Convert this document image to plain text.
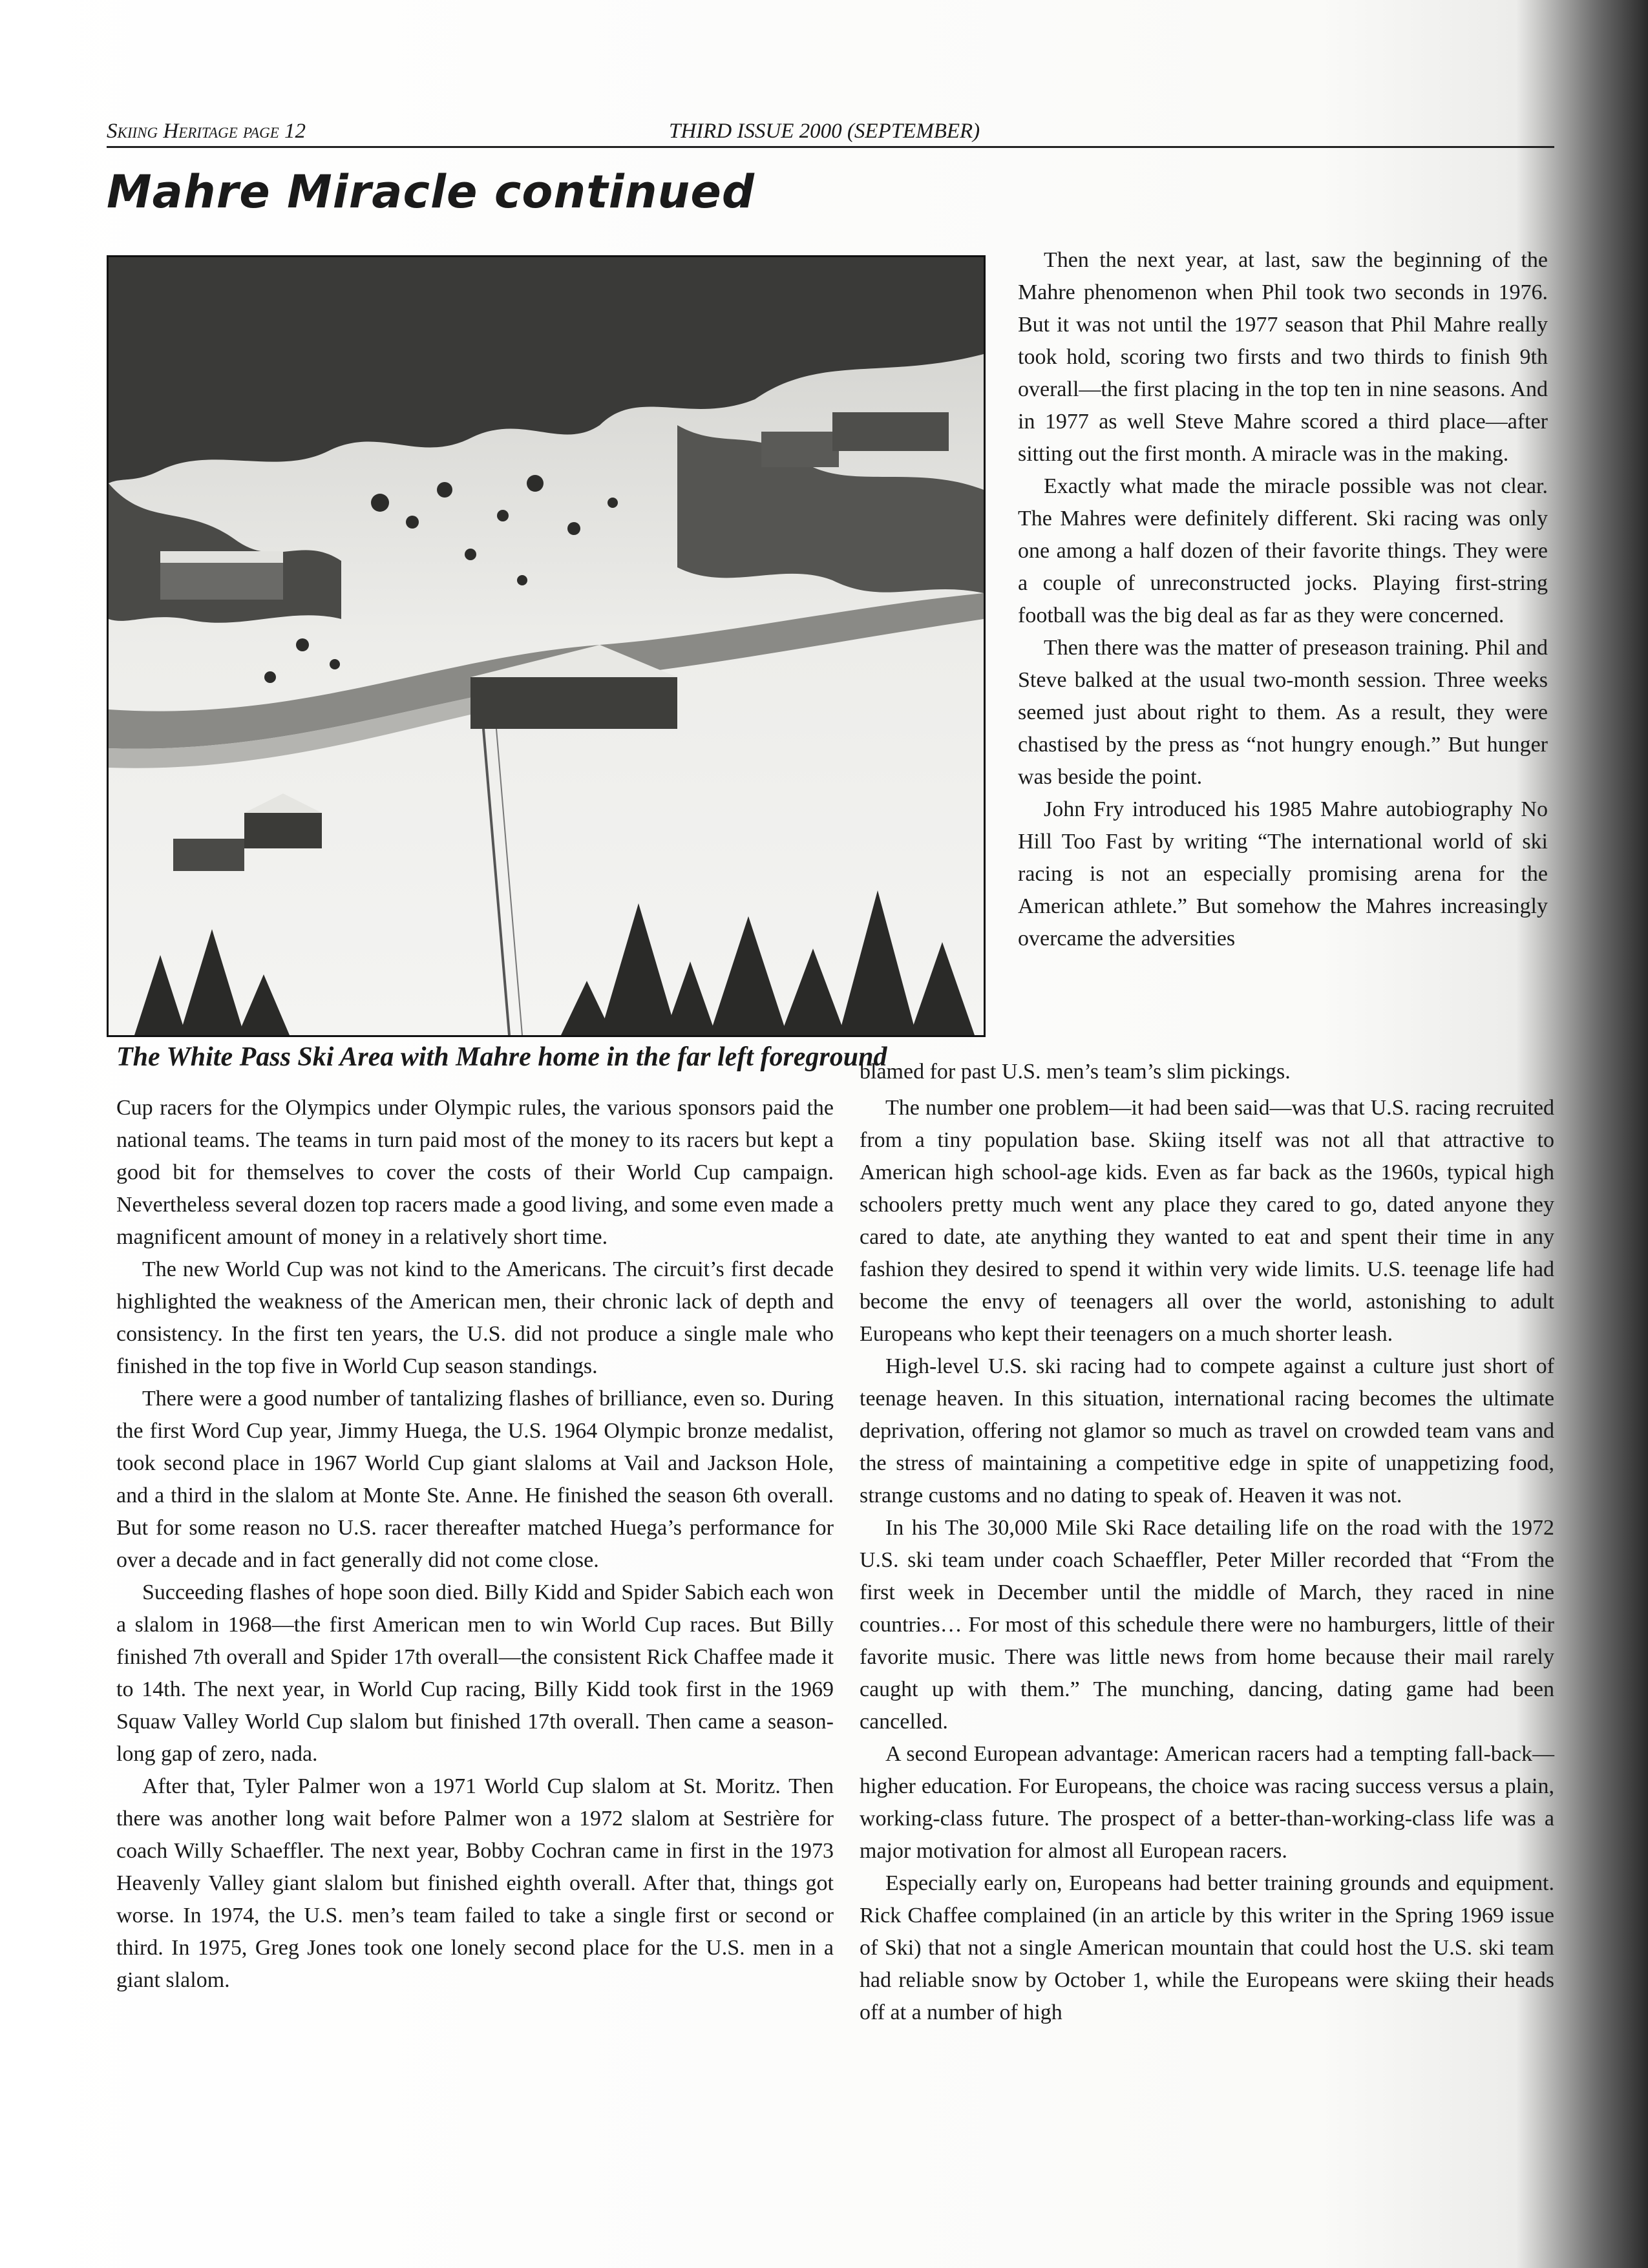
Skiing Heritage page 12	THIRD ISSUE 2000 (SEPTEMBER)
Mahre Miracle continued
The White Pass Ski Area with Mahre home in the far left foreground

Then the next year, at last, saw the beginning of the Mahre phenomenon when Phil took two seconds in 1976. But it was not until the 1977 season that Phil Mahre really took hold, scoring two firsts and two thirds to finish 9th overall—the first placing in the top ten in nine seasons. And in 1977 as well Steve Mahre scored a third place—after sitting out the first month. A miracle was in the making.

Exactly what made the miracle possible was not clear. The Mahres were definitely different. Ski racing was only one among a half dozen of their favorite things. They were a couple of unreconstructed jocks. Playing first-string football was the big deal as far as they were concerned.

Then there was the matter of preseason training. Phil and Steve balked at the usual two-month session. Three weeks seemed just about right to them. As a result, they were chastised by the press as “not hungry enough.” But hunger was beside the point.

John Fry introduced his 1985 Mahre autobiography No Hill Too Fast by writing “The international world of ski racing is not an especially promising arena for the American athlete.” But somehow the Mahres increasingly overcame the adversities

blamed for past U.S. men’s team’s slim pickings.

Cup racers for the Olympics under Olympic rules, the various sponsors paid the national teams. The teams in turn paid most of the money to its racers but kept a good bit for themselves to cover the costs of their World Cup campaign. Nevertheless several dozen top racers made a good living, and some even made a magnificent amount of money in a relatively short time.

The new World Cup was not kind to the Americans. The circuit’s first decade highlighted the weakness of the American men, their chronic lack of depth and consistency. In the first ten years, the U.S. did not produce a single male who finished in the top five in World Cup season standings.

There were a good number of tantalizing flashes of brilliance, even so. During the first Word Cup year, Jimmy Huega, the U.S. 1964 Olympic bronze medalist, took second place in 1967 World Cup giant slaloms at Vail and Jackson Hole, and a third in the slalom at Monte Ste. Anne. He finished the season 6th overall. But for some reason no U.S. racer thereafter matched Huega’s performance for over a decade and in fact generally did not come close.

Succeeding flashes of hope soon died. Billy Kidd and Spider Sabich each won a slalom in 1968—the first American men to win World Cup races. But Billy finished 7th overall and Spider 17th overall—the consistent Rick Chaffee made it to 14th. The next year, in World Cup racing, Billy Kidd took first in the 1969 Squaw Valley World Cup slalom but finished 17th overall. Then came a season-long gap of zero, nada.

After that, Tyler Palmer won a 1971 World Cup slalom at St. Moritz. Then there was another long wait before Palmer won a 1972 slalom at Sestrière for coach Willy Schaeffler. The next year, Bobby Cochran came in first in the 1973 Heavenly Valley giant slalom but finished eighth overall. After that, things got worse. In 1974, the U.S. men’s team failed to take a single first or second or third. In 1975, Greg Jones took one lonely second place for the U.S. men in a giant slalom.

The number one problem—it had been said—was that U.S. racing recruited from a tiny population base. Skiing itself was not all that attractive to American high school-age kids. Even as far back as the 1960s, typical high schoolers pretty much went any place they cared to go, dated anyone they cared to date, ate anything they wanted to eat and spent their time in any fashion they desired to spend it within very wide limits. U.S. teenage life had become the envy of teenagers all over the world, astonishing to adult Europeans who kept their teenagers on a much shorter leash.

High-level U.S. ski racing had to compete against a culture just short of teenage heaven. In this situation, international racing becomes the ultimate deprivation, offering not glamor so much as travel on crowded team vans and the stress of maintaining a competitive edge in spite of unappetizing food, strange customs and no dating to speak of. Heaven it was not.

In his The 30,000 Mile Ski Race detailing life on the road with the 1972 U.S. ski team under coach Schaeffler, Peter Miller recorded that “From the first week in December until the middle of March, they raced in nine countries… For most of this schedule there were no hamburgers, little of their favorite music. There was little news from home because their mail rarely caught up with them.” The munching, dancing, dating game had been cancelled.

A second European advantage: American racers had a tempting fall-back—higher education. For Europeans, the choice was racing success versus a plain, working-class future. The prospect of a better-than-working-class life was a major motivation for almost all European racers.

Especially early on, Europeans had better training grounds and equipment. Rick Chaffee complained (in an article by this writer in the Spring 1969 issue of Ski) that not a single American mountain that could host the U.S. ski team had reliable snow by October 1, while the Europeans were skiing their heads off at a number of high
